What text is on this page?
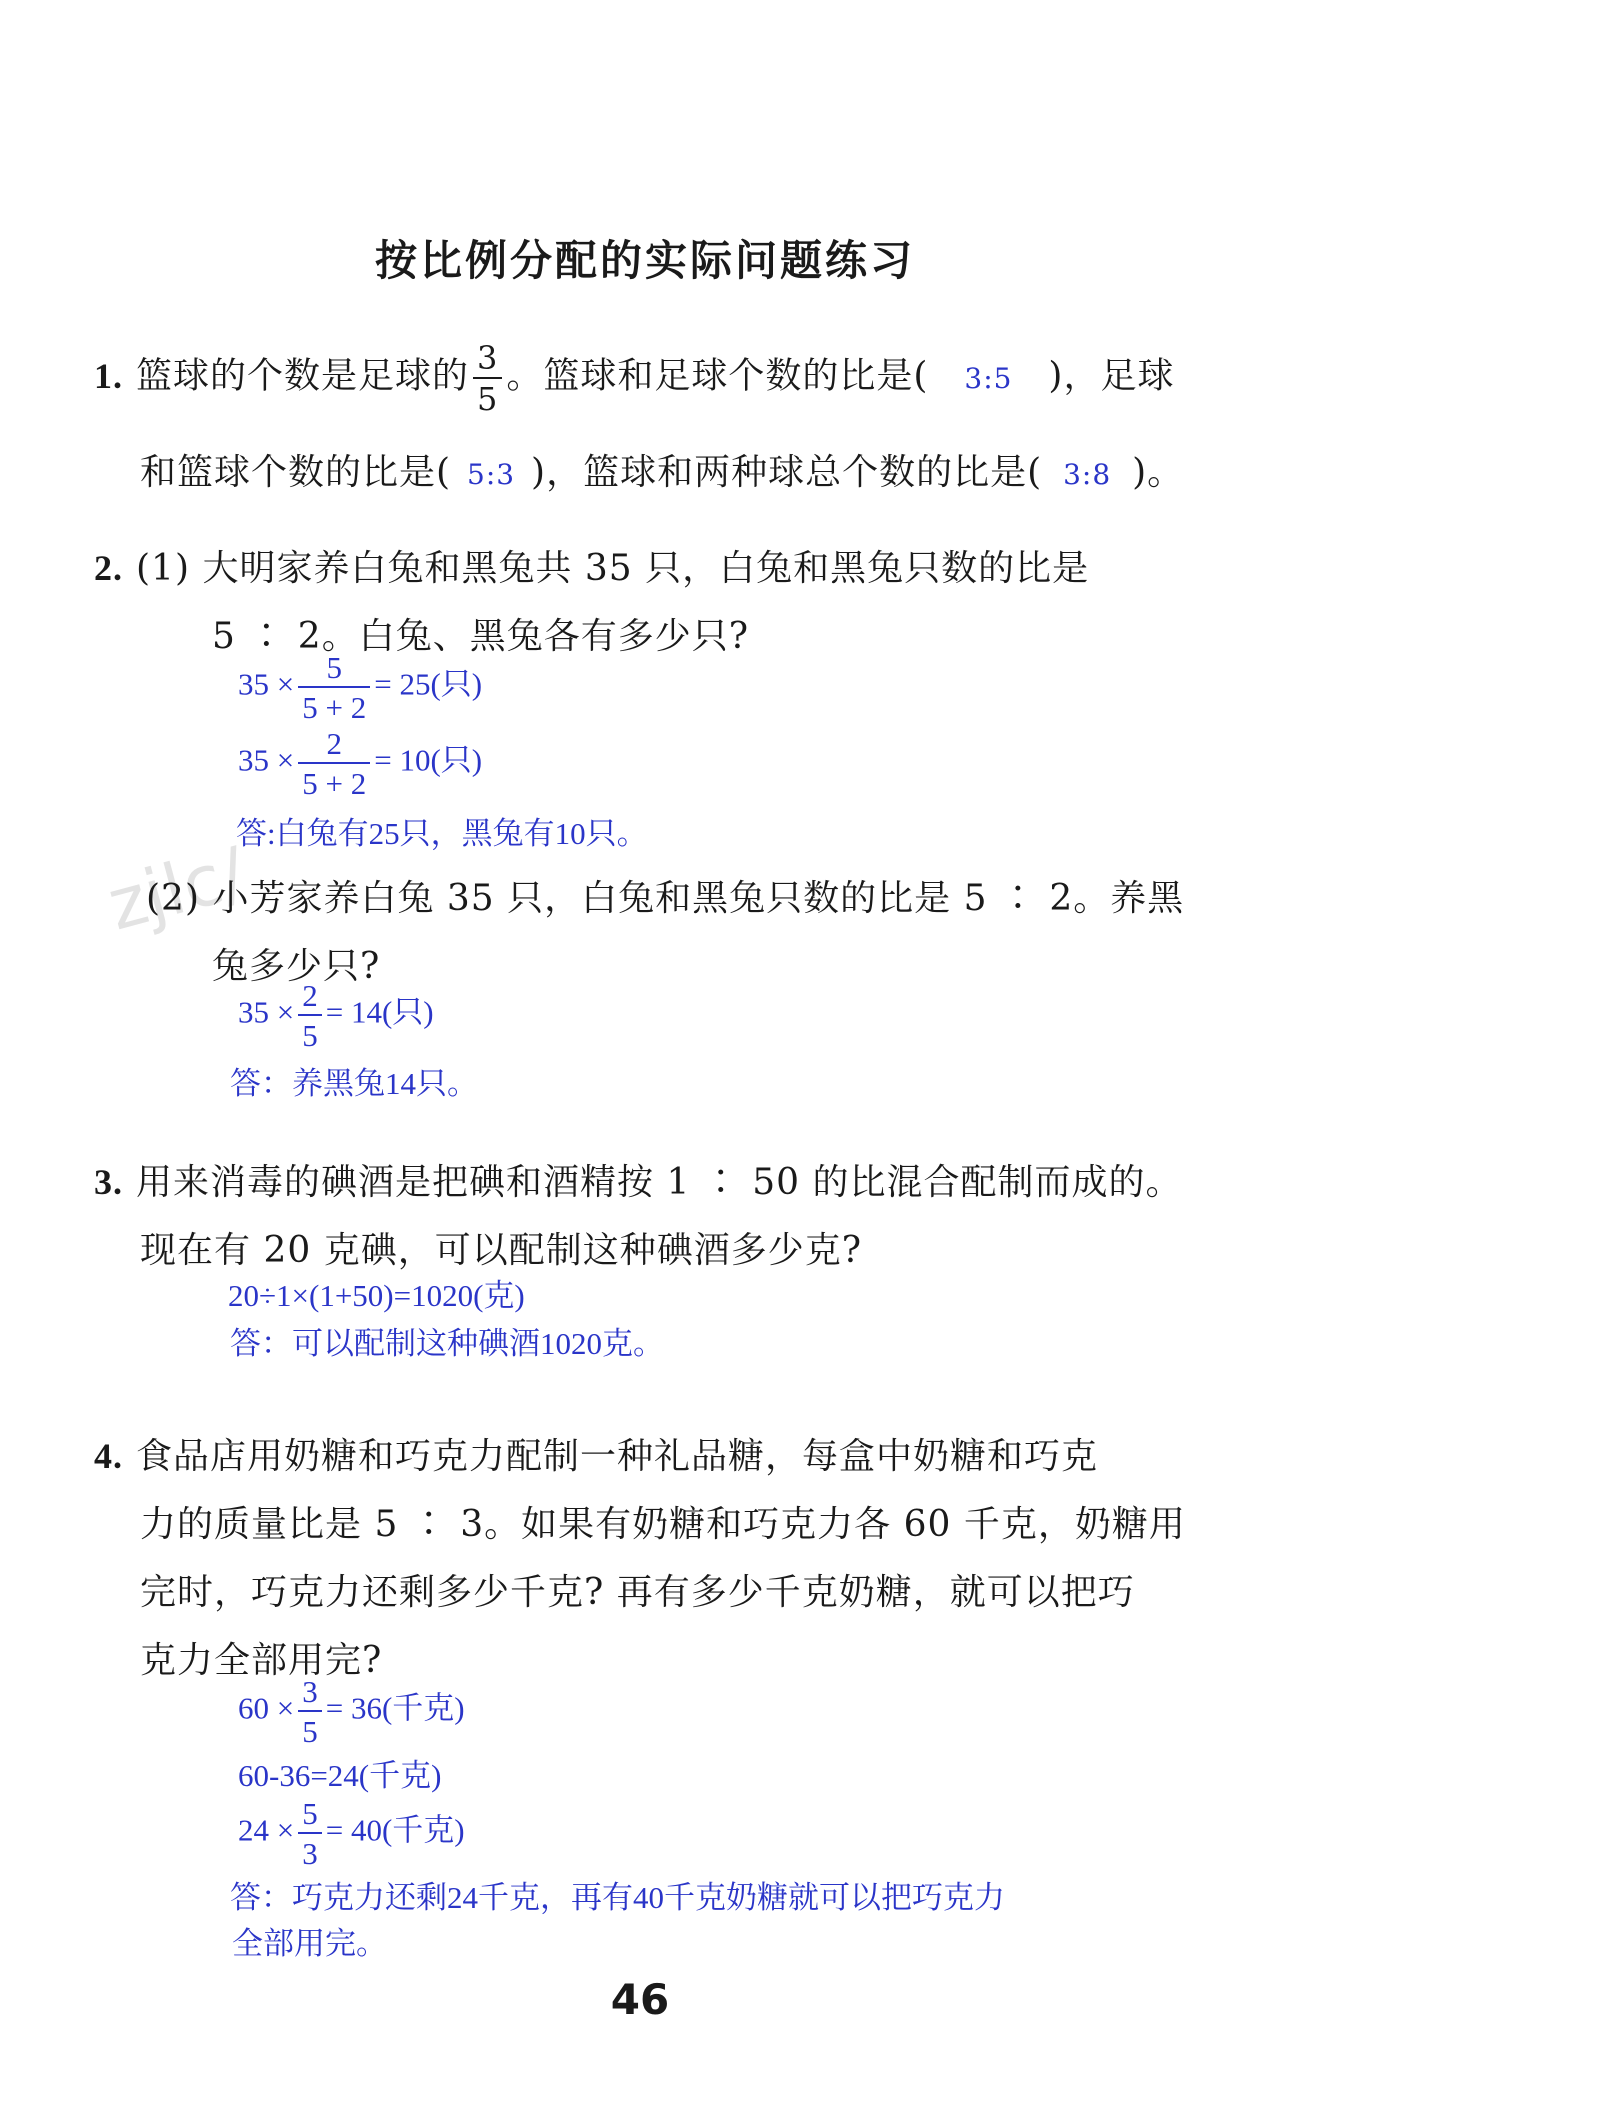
zjlc/
按比例分配的实际问题练习
1. 篮球的个数是足球的 $\frac{3}{5}$ 。篮球和足球个数的比是( 3:5 )，足球
和篮球个数的比是( 5:3 )，篮球和两种球总个数的比是( 3:8 )。
2. (1) 大明家养白兔和黑兔共 35 只，白兔和黑兔只数的比是
5 ∶ 2。白兔、黑兔各有多少只?
$35 \times \frac{5}{5 + 2} = 25$(只)
$35 \times \frac{2}{5 + 2} = 10$(只)
答:白兔有25只，黑兔有10只。
(2) 小芳家养白兔 35 只，白兔和黑兔只数的比是 5 ∶ 2。养黑
兔多少只?
$35 \times \frac{2}{5} = 14$(只)
答：养黑兔14只。
3. 用来消毒的碘酒是把碘和酒精按 1 ∶ 50 的比混合配制而成的。
现在有 20 克碘，可以配制这种碘酒多少克?
20÷1×(1+50)=1020(克)
答：可以配制这种碘酒1020克。
4. 食品店用奶糖和巧克力配制一种礼品糖，每盒中奶糖和巧克
力的质量比是 5 ∶ 3。如果有奶糖和巧克力各 60 千克，奶糖用
完时，巧克力还剩多少千克? 再有多少千克奶糖，就可以把巧
克力全部用完?
$60 \times \frac{3}{5} = 36$(千克)
60-36=24(千克)
$24 \times \frac{5}{3} = 40$(千克)
答：巧克力还剩24千克，再有40千克奶糖就可以把巧克力
全部用完。
46
